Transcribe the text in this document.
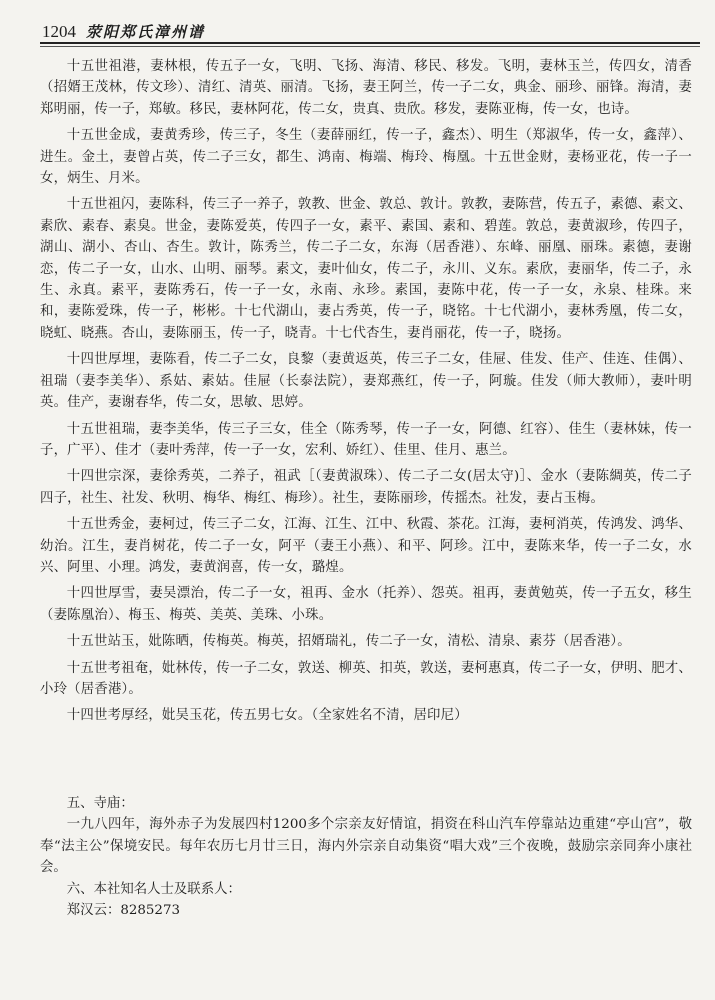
1204 荥阳郑氏漳州谱

十五世祖港，妻林根，传五子一女，飞明、飞扬、海清、移民、移发。飞明，妻林玉兰，传四女，清香（招婿王茂林，传文珍）、清红、清英、丽清。飞扬，妻王阿兰，传一子二女，典金、丽珍、丽锋。海清，妻郑明丽，传一子，郑敏。移民，妻林阿花，传二女，贵真、贵欣。移发，妻陈亚梅，传一女，也诗。

十五世金成，妻黄秀珍，传三子，冬生（妻薛丽红，传一子，鑫杰）、明生（郑淑华，传一女，鑫萍）、进生。金土，妻曾占英，传二子三女，都生、鸿南、梅端、梅玲、梅凰。十五世金财，妻杨亚花，传一子一女，炳生、月米。

十五世祖闪，妻陈科，传三子一养子，敦教、世金、敦总、敦计。敦教，妻陈营，传五子，素德、素文、素欣、素春、素臭。世金，妻陈爱英，传四子一女，素平、素国、素和、碧莲。敦总，妻黄淑珍，传四子，湖山、湖小、杏山、杏生。敦计，陈秀兰，传二子二女，东海（居香港）、东峰、丽凰、丽珠。素德，妻谢恋，传二子一女，山水、山明、丽琴。素文，妻叶仙女，传二子，永川、义东。素欣，妻丽华，传二子，永生、永真。素平，妻陈秀石，传一子一女，永南、永珍。素国，妻陈中花，传一子一女，永泉、桂珠。来和，妻陈爱珠，传一子，彬彬。十七代湖山，妻占秀英，传一子，晓铭。十七代湖小，妻林秀凰，传二女，晓虹、晓燕。杏山，妻陈丽玉，传一子，晓青。十七代杏生，妻肖丽花，传一子，晓扬。

十四世厚埋，妻陈看，传二子二女，良黎（妻黄返英，传三子二女，佳屉、佳发、佳产、佳连、佳偶）、祖瑞（妻李美华）、系姑、素姑。佳屉（长泰法院），妻郑燕红，传一子，阿璇。佳发（师大教师），妻叶明英。佳产，妻谢春华，传二女，思敏、思婷。

十五世祖瑞，妻李美华，传三子三女，佳全（陈秀琴，传一子一女，阿德、红容）、佳生（妻林妹，传一子，广平）、佳才（妻叶秀萍，传一子一女，宏利、娇红）、佳里、佳月、惠兰。

十四世宗深，妻徐秀英，二养子，祖武［（妻黄淑珠）、传二子二女(居太守)］、金水（妻陈綢英，传二子四子，社生、社发、秋明、梅华、梅红、梅珍）。社生，妻陈丽珍，传摇杰。社发，妻占玉梅。

十五世秀金，妻柯过，传三子二女，江海、江生、江中、秋霞、茶花。江海，妻柯消英，传鸿发、鸿华、幼治。江生，妻肖树花，传二子一女，阿平（妻王小燕）、和平、阿珍。江中，妻陈来华，传一子二女，水兴、阿里、小理。鸿发，妻黄润喜，传一女，璐煌。

十四世厚雪，妻吴漂治，传二子一女，祖再、金水（托养）、怨英。祖再，妻黄勉英，传一子五女，移生（妻陈凰治）、梅玉、梅英、美英、美珠、小珠。

十五世站玉，妣陈晒，传梅英。梅英，招婿瑞礼，传二子一女，清松、清泉、素芬（居香港）。

十五世考祖奄，妣林传，传一子二女，敦送、柳英、扣英，敦送，妻柯惠真，传二子一女，伊明、肥才、小玲（居香港）。

十四世考厚经，妣吴玉花，传五男七女。（全家姓名不清，居印尼）

五、寺庙：

一九八四年，海外赤子为发展四村1200多个宗亲友好情谊，捐资在科山汽车停靠站边重建“亭山宫”，敬奉“法主公”保境安民。每年农历七月廿三日，海内外宗亲自动集资“唱大戏”三个夜晚，鼓励宗亲同奔小康社会。

六、本社知名人士及联系人：

郑汉云：8285273
